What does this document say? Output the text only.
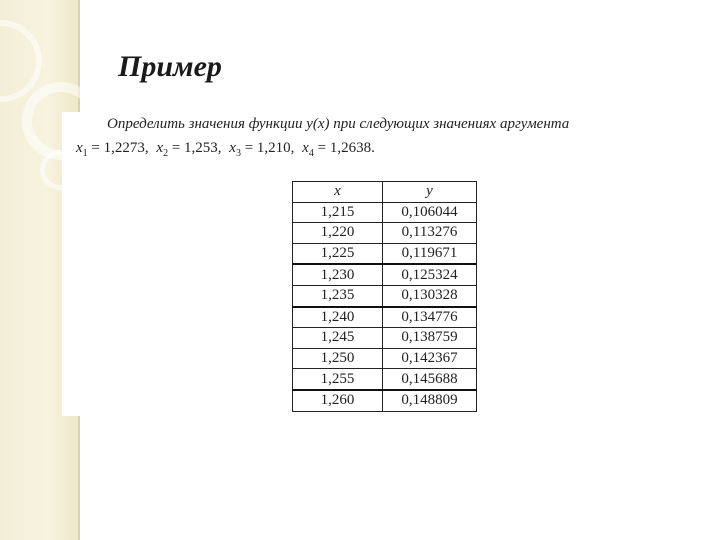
Пример
Определить значения функции y(x) при следующих значениях аргумента
$x_1 = 1,2273$, $x_2 = 1,253$, $x_3 = 1,210$, $x_4 = 1,2638$.
x	y
1,215	0,106044
1,220	0,113276
1,225	0,119671
1,230	0,125324
1,235	0,130328
1,240	0,134776
1,245	0,138759
1,250	0,142367
1,255	0,145688
1,260	0,148809
